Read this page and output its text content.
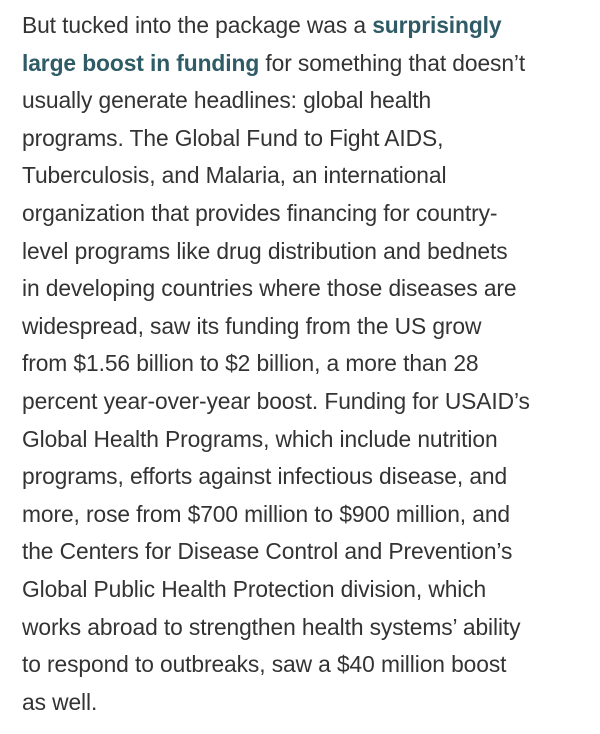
But tucked into the package was a surprisingly
large boost in funding for something that doesn’t
usually generate headlines: global health
programs. The Global Fund to Fight AIDS,
Tuberculosis, and Malaria, an international
organization that provides financing for country-
level programs like drug distribution and bednets
in developing countries where those diseases are
widespread, saw its funding from the US grow
from $1.56 billion to $2 billion, a more than 28
percent year-over-year boost. Funding for USAID’s
Global Health Programs, which include nutrition
programs, efforts against infectious disease, and
more, rose from $700 million to $900 million, and
the Centers for Disease Control and Prevention’s
Global Public Health Protection division, which
works abroad to strengthen health systems’ ability
to respond to outbreaks, saw a $40 million boost
as well.
